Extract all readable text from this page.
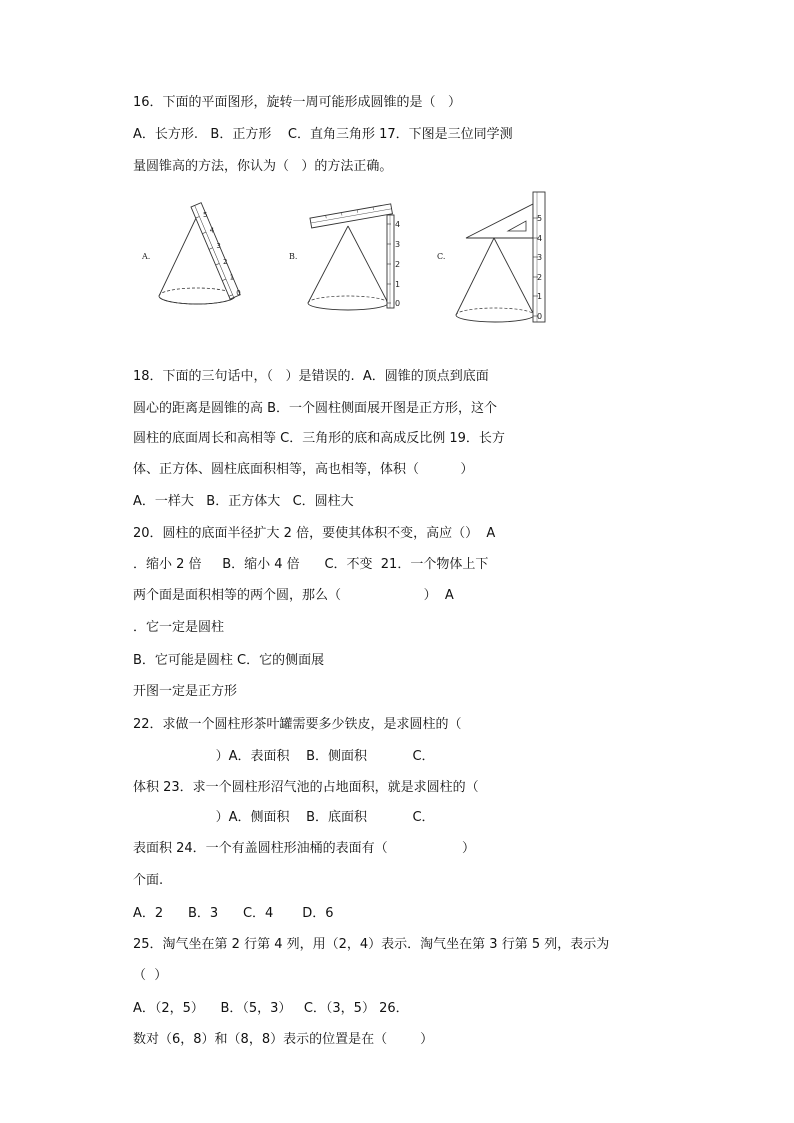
16．下面的平面图形，旋转一周可能形成圆锥的是（   ）
A．长方形.   B．正方形    C．直角三角形 17．下图是三位同学测
量圆锥高的方法，你认为（   ）的方法正确。
18．下面的三句话中，（   ）是错误的.  A．圆锥的顶点到底面
圆心的距离是圆锥的高 B．一个圆柱侧面展开图是正方形，这个
圆柱的底面周长和高相等 C．三角形的底和高成反比例 19．长方
体、正方体、圆柱底面积相等，高也相等，体积（          ）
A．一样大   B．正方体大   C．圆柱大
20．圆柱的底面半径扩大 2 倍，要使其体积不变，高应（）  A
．缩小 2 倍     B．缩小 4 倍      C．不变  21．一个物体上下
两个面是面积相等的两个圆，那么（                    ）  A
．它一定是圆柱
B．它可能是圆柱 C．它的侧面展
开图一定是正方形
22．求做一个圆柱形茶叶罐需要多少铁皮，是求圆柱的（
）A．表面积    B．侧面积           C．
体积 23．求一个圆柱形沼气池的占地面积，就是求圆柱的（
）A．侧面积    B．底面积           C．
表面积 24．一个有盖圆柱形油桶的表面有（                  ）
个面.
A．2      B．3      C．4       D．6
25．淘气坐在第 2 行第 4 列，用（2，4）表示．淘气坐在第 3 行第 5 列，表示为
（  ）
A．（2，5）    B．（5，3）   C．（3，5） 26．
数对（6，8）和（8，8）表示的位置是在（        ）
A.
0
1
2
3
4
5
B.
0
1
2
3
4
C.
0
1
2
3
4
5
